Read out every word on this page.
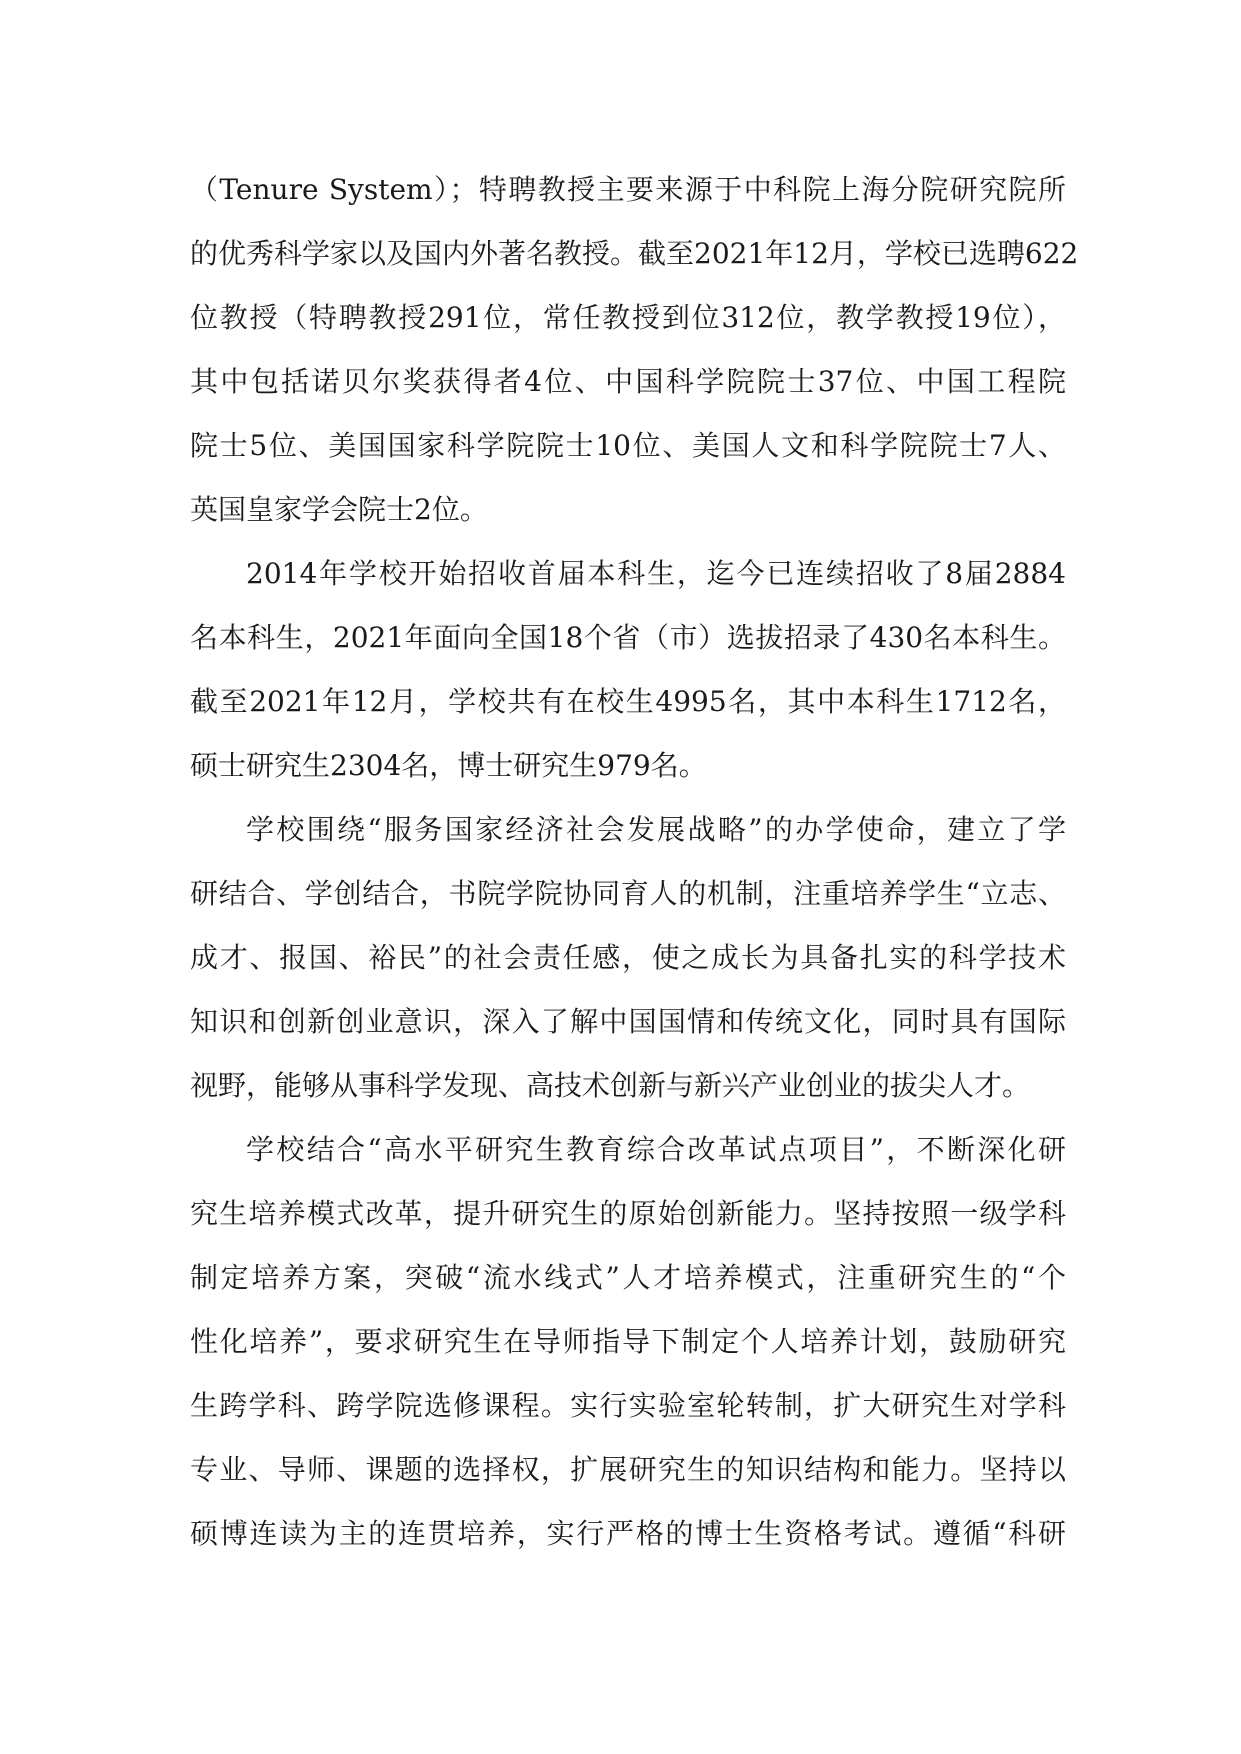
（Tenure System）；特聘教授主要来源于中科院上海分院研究院所
的优秀科学家以及国内外著名教授。截至2021年12月，学校已选聘622
位教授（特聘教授291位，常任教授到位312位，教学教授19位），
其中包括诺贝尔奖获得者4位、中国科学院院士37位、中国工程院
院士5位、美国国家科学院院士10位、美国人文和科学院院士7人、
英国皇家学会院士2位。
2014年学校开始招收首届本科生，迄今已连续招收了8届2884
名本科生，2021年面向全国18个省（市）选拔招录了430名本科生。
截至2021年12月，学校共有在校生4995名，其中本科生1712名，
硕士研究生2304名，博士研究生979名。
学校围绕“服务国家经济社会发展战略”的办学使命，建立了学
研结合、学创结合，书院学院协同育人的机制，注重培养学生“立志、
成才、报国、裕民”的社会责任感，使之成长为具备扎实的科学技术
知识和创新创业意识，深入了解中国国情和传统文化，同时具有国际
视野，能够从事科学发现、高技术创新与新兴产业创业的拔尖人才。
学校结合“高水平研究生教育综合改革试点项目”，不断深化研
究生培养模式改革，提升研究生的原始创新能力。坚持按照一级学科
制定培养方案，突破“流水线式”人才培养模式，注重研究生的“个
性化培养”，要求研究生在导师指导下制定个人培养计划，鼓励研究
生跨学科、跨学院选修课程。实行实验室轮转制，扩大研究生对学科
专业、导师、课题的选择权，扩展研究生的知识结构和能力。坚持以
硕博连读为主的连贯培养，实行严格的博士生资格考试。遵循“科研
